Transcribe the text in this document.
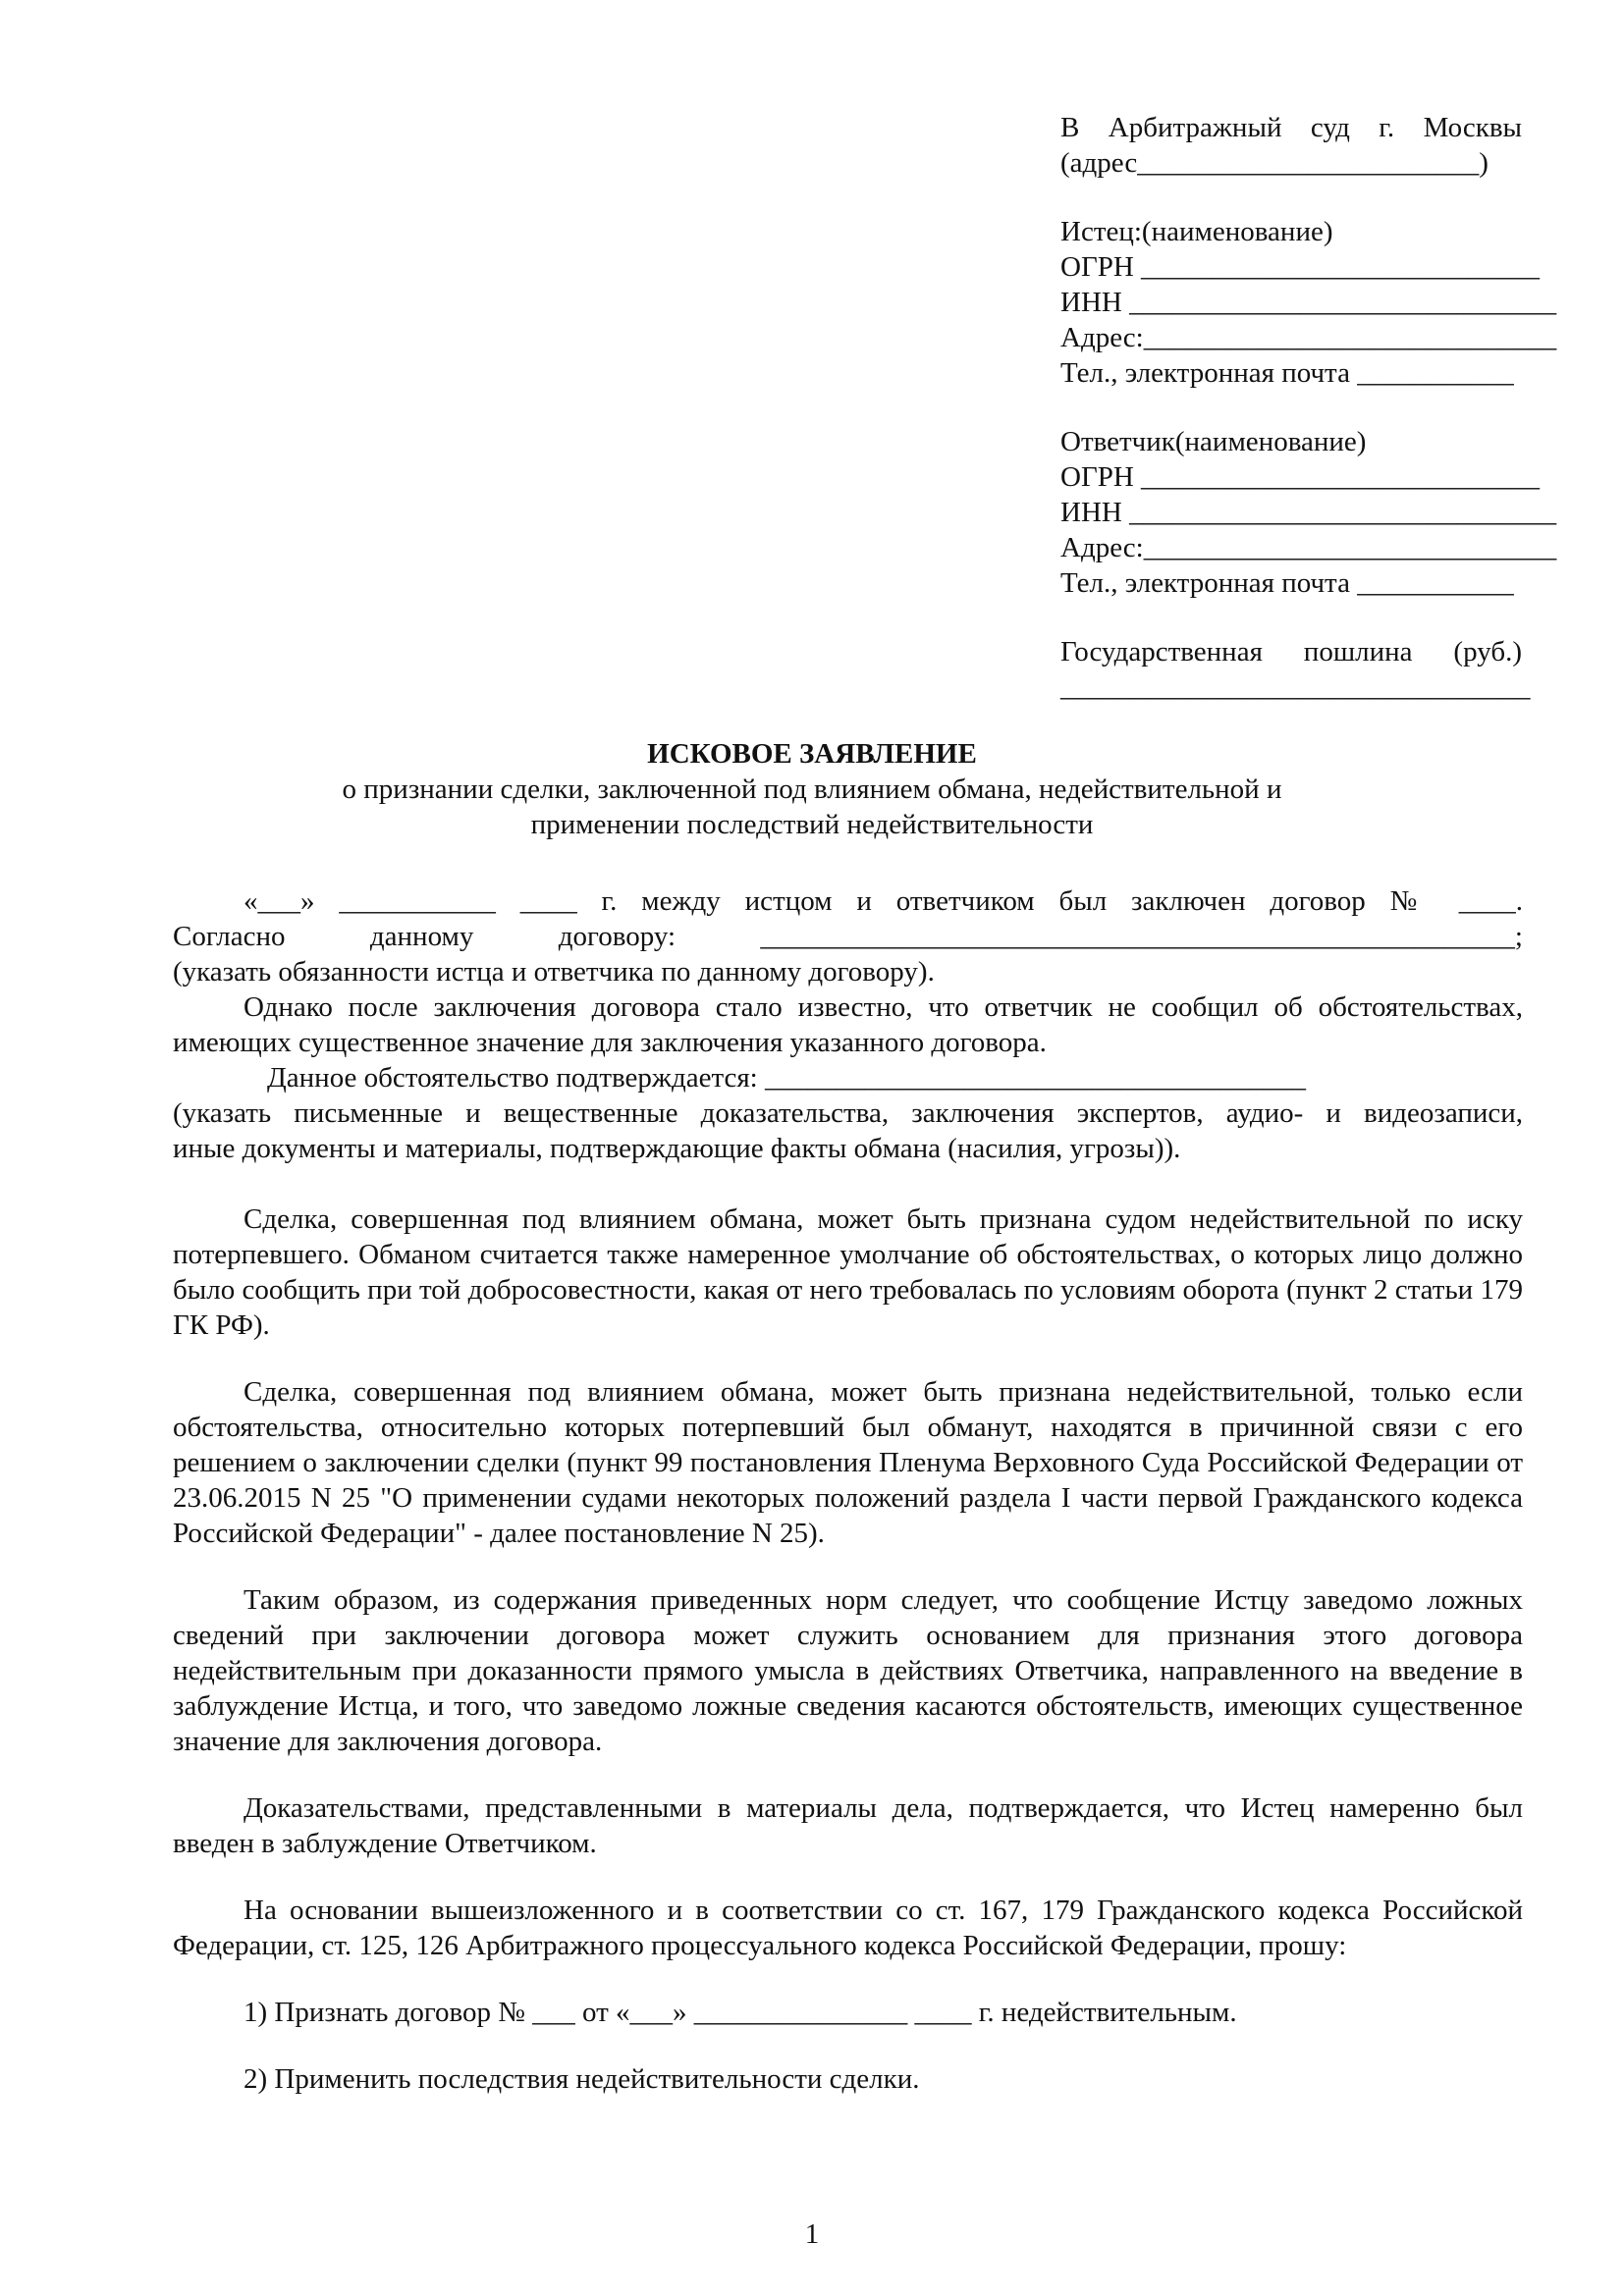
В Арбитражный суд г. Москвы
(адрес________________________)
Истец:(наименование)
ОГРН ____________________________
ИНН ______________________________
Адрес:_____________________________
Тел., электронная почта ___________
Ответчик(наименование)
ОГРН ____________________________
ИНН ______________________________
Адрес:_____________________________
Тел., электронная почта ___________
Государственная пошлина (руб.)
_________________________________
ИСКОВОЕ ЗАЯВЛЕНИЕ
о признании сделки, заключенной под влиянием обмана, недействительной и
применении последствий недействительности

«___» ___________ ____ г. между истцом и ответчиком был заключен договор № ____.

Согласно данному договору: _____________________________________________________;

(указать обязанности истца и ответчика по данному договору).

Однако после заключения договора стало известно, что ответчик не сообщил об обстоятельствах, имеющих существенное значение для заключения указанного договора.

Данное обстоятельство подтверждается: ______________________________________

(указать письменные и вещественные доказательства, заключения экспертов, аудио- и видеозаписи,

иные документы и материалы, подтверждающие факты обмана (насилия, угрозы)).

Сделка, совершенная под влиянием обмана, может быть признана судом недействительной по иску потерпевшего. Обманом считается также намеренное умолчание об обстоятельствах, о которых лицо должно было сообщить при той добросовестности, какая от него требовалась по условиям оборота (пункт 2 статьи 179 ГК РФ).

Сделка, совершенная под влиянием обмана, может быть признана недействительной, только если обстоятельства, относительно которых потерпевший был обманут, находятся в причинной связи с его решением о заключении сделки (пункт 99 постановления Пленума Верховного Суда Российской Федерации от 23.06.2015 N 25 "О применении судами некоторых положений раздела I части первой Гражданского кодекса Российской Федерации" - далее постановление N 25).

Таким образом, из содержания приведенных норм следует, что сообщение Истцу заведомо ложных сведений при заключении договора может служить основанием для признания этого договора недействительным при доказанности прямого умысла в действиях Ответчика, направленного на введение в заблуждение Истца, и того, что заведомо ложные сведения касаются обстоятельств, имеющих существенное значение для заключения договора.

Доказательствами, представленными в материалы дела, подтверждается, что Истец намеренно был введен в заблуждение Ответчиком.

На основании вышеизложенного и в соответствии со ст. 167, 179 Гражданского кодекса Российской Федерации, ст. 125, 126 Арбитражного процессуального кодекса Российской Федерации, прошу:

1) Признать договор № ___ от «___» _______________ ____ г. недействительным.

2) Применить последствия недействительности сделки.

1
